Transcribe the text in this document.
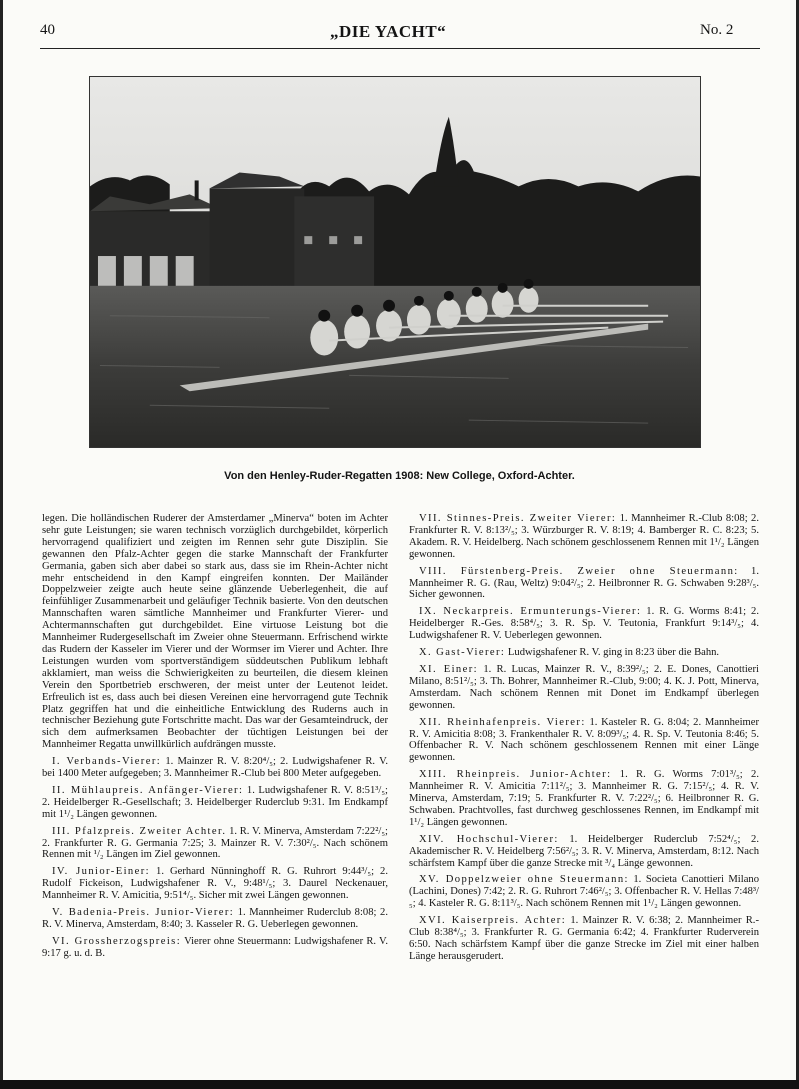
40	„DIE YACHT“	No. 2
Von den Henley-Ruder-Regatten 1908: New College, Oxford-Achter.

legen. Die holländischen Ruderer der Amsterdamer „Minerva“ boten im Achter sehr gute Leistungen; sie waren technisch vorzüglich durchgebildet, körperlich hervorragend qualifiziert und zeigten im Rennen sehr gute Disziplin. Sie gewannen den Pfalz-Achter gegen die starke Mannschaft der Frankfurter Germania, gaben sich aber dabei so stark aus, dass sie im Rhein-Achter nicht mehr entscheidend in den Kampf eingreifen konnten. Der Mailänder Doppelzweier zeigte auch heute seine glänzende Ueberlegenheit, die auf feinfühliger Zusammenarbeit und geläufiger Technik basierte. Von den deutschen Mannschaften waren sämtliche Mannheimer und Frankfurter Vierer- und Achtermannschaften gut durchgebildet. Eine virtuose Leistung bot die Mannheimer Rudergesellschaft im Zweier ohne Steuermann. Erfrischend wirkte das Rudern der Kasseler im Vierer und der Wormser im Vierer und Achter. Ihre Leistungen wurden vom sportverständigem süddeutschen Publikum lebhaft akklamiert, man weiss die Schwierigkeiten zu beurteilen, die diesem kleinen Verein den Sportbetrieb erschweren, der meist unter der Leutenot leidet. Erfreulich ist es, dass auch bei diesen Vereinen eine hervorragend gute Technik Platz gegriffen hat und die einheitliche Entwicklung des Ruderns auch in technischer Beziehung gute Fortschritte macht. Das war der Gesamteindruck, der sich dem aufmerksamen Beobachter der tüchtigen Leistungen bei der Mannheimer Regatta unwillkürlich aufdrängen musste.

I. Verbands-Vierer: 1. Mainzer R. V. 8:20⁴/₅; 2. Ludwigshafener R. V. bei 1400 Meter aufgegeben; 3. Mannheimer R.-Club bei 800 Meter aufgegeben.

II. Mühlaupreis. Anfänger-Vierer: 1. Ludwigshafener R. V. 8:51³/₅; 2. Heidelberger R.-Gesellschaft; 3. Heidelberger Ruderclub 9:31. Im Endkampf mit 1¹/₂ Längen gewonnen.

III. Pfalzpreis. Zweiter Achter. 1. R. V. Minerva, Amsterdam 7:22²/₅; 2. Frankfurter R. G. Germania 7:25; 3. Mainzer R. V. 7:30²/₅. Nach schönem Rennen mit ¹/₂ Längen im Ziel gewonnen.

IV. Junior-Einer: 1. Gerhard Nünninghoff R. G. Ruhrort 9:44³/₅; 2. Rudolf Fickeison, Ludwigshafener R. V., 9:48¹/₅; 3. Daurel Neckenauer, Mannheimer R. V. Amicitia, 9:51⁴/₅. Sicher mit zwei Längen gewonnen.

V. Badenia-Preis. Junior-Vierer: 1. Mannheimer Ruderclub 8:08; 2. R. V. Minerva, Amsterdam, 8:40; 3. Kasseler R. G. Ueberlegen gewonnen.

VI. Grossherzogspreis: Vierer ohne Steuermann: Ludwigshafener R. V. 9:17 g. u. d. B.

VII. Stinnes-Preis. Zweiter Vierer: 1. Mannheimer R.-Club 8:08; 2. Frankfurter R. V. 8:13²/₅; 3. Würzburger R. V. 8:19; 4. Bamberger R. C. 8:23; 5. Akadem. R. V. Heidelberg. Nach schönem geschlossenem Rennen mit 1¹/₂ Längen gewonnen.

VIII. Fürstenberg-Preis. Zweier ohne Steuermann: 1. Mannheimer R. G. (Rau, Weltz) 9:04²/₅; 2. Heilbronner R. G. Schwaben 9:28³/₅. Sicher gewonnen.

IX. Neckarpreis. Ermunterungs-Vierer: 1. R. G. Worms 8:41; 2. Heidelberger R.-Ges. 8:58⁴/₅; 3. R. Sp. V. Teutonia, Frankfurt 9:14³/₅; 4. Ludwigshafener R. V. Ueberlegen gewonnen.

X. Gast-Vierer: Ludwigshafener R. V. ging in 8:23 über die Bahn.

XI. Einer: 1. R. Lucas, Mainzer R. V., 8:39²/₅; 2. E. Dones, Canottieri Milano, 8:51²/₅; 3. Th. Bohrer, Mannheimer R.-Club, 9:00; 4. K. J. Pott, Minerva, Amsterdam. Nach schönem Rennen mit Donet im Endkampf überlegen gewonnen.

XII. Rheinhafenpreis. Vierer: 1. Kasteler R. G. 8:04; 2. Mannheimer R. V. Amicitia 8:08; 3. Frankenthaler R. V. 8:09³/₅; 4. R. Sp. V. Teutonia 8:46; 5. Offenbacher R. V. Nach schönem geschlossenem Rennen mit einer Länge gewonnen.

XIII. Rheinpreis. Junior-Achter: 1. R. G. Worms 7:01³/₅; 2. Mannheimer R. V. Amicitia 7:11²/₅; 3. Mannheimer R. G. 7:15²/₅; 4. R. V. Minerva, Amsterdam, 7:19; 5. Frankfurter R. V. 7:22²/₅; 6. Heilbronner R. G. Schwaben. Prachtvolles, fast durchweg geschlossenes Rennen, im Endkampf mit 1¹/₂ Längen gewonnen.

XIV. Hochschul-Vierer: 1. Heidelberger Ruderclub 7:52⁴/₅; 2. Akademischer R. V. Heidelberg 7:56²/₅; 3. R. V. Minerva, Amsterdam, 8:12. Nach schärfstem Kampf über die ganze Strecke mit ³/₄ Länge gewonnen.

XV. Doppelzweier ohne Steuermann: 1. Societa Canottieri Milano (Lachini, Dones) 7:42; 2. R. G. Ruhrort 7:46²/₅; 3. Offenbacher R. V. Hellas 7:48³/₅; 4. Kasteler R. G. 8:11³/₅. Nach schönem Rennen mit 1¹/₂ Längen gewonnen.

XVI. Kaiserpreis. Achter: 1. Mainzer R. V. 6:38; 2. Mannheimer R.-Club 8:38⁴/₅; 3. Frankfurter R. G. Germania 6:42; 4. Frankfurter Ruderverein 6:50. Nach schärfstem Kampf über die ganze Strecke im Ziel mit einer halben Länge herausgerudert.
